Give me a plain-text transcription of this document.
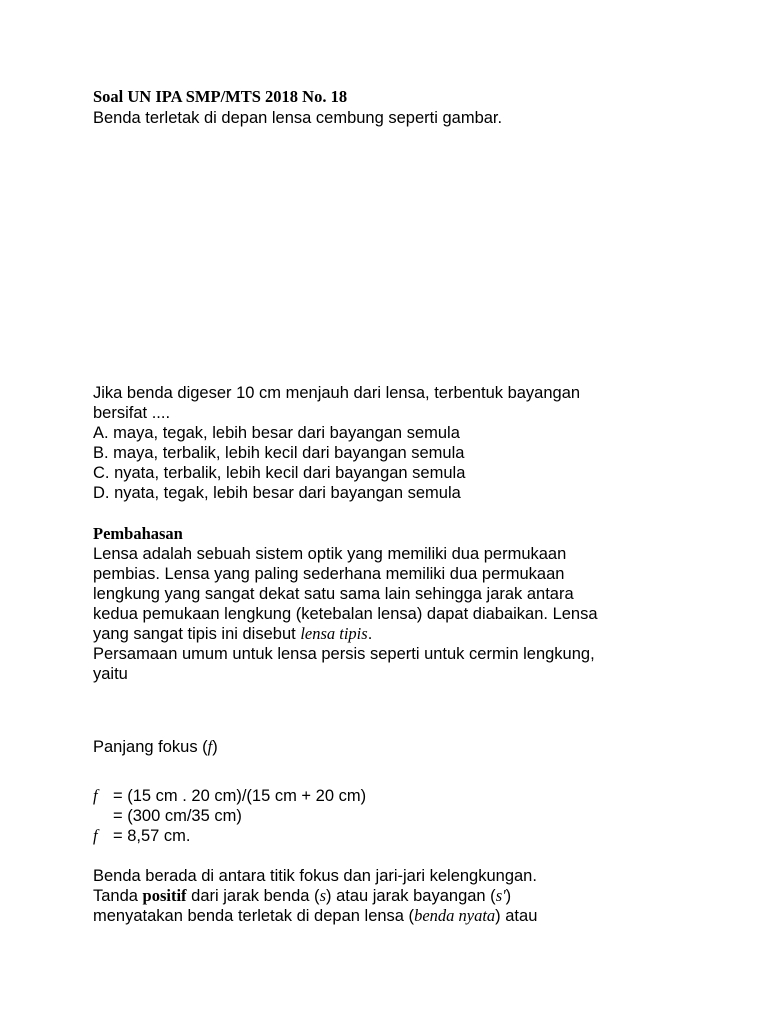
Soal UN IPA SMP/MTS 2018 No. 18
Benda terletak di depan lensa cembung seperti gambar.
Jika benda digeser 10 cm menjauh dari lensa, terbentuk bayangan
bersifat ....
A. maya, tegak, lebih besar dari bayangan semula
B. maya, terbalik, lebih kecil dari bayangan semula
C. nyata, terbalik, lebih kecil dari bayangan semula
D. nyata, tegak, lebih besar dari bayangan semula
Pembahasan
Lensa adalah sebuah sistem optik yang memiliki dua permukaan
pembias. Lensa yang paling sederhana memiliki dua permukaan
lengkung yang sangat dekat satu sama lain sehingga jarak antara
kedua pemukaan lengkung (ketebalan lensa) dapat diabaikan. Lensa
yang sangat tipis ini disebut lensa tipis.
Persamaan umum untuk lensa persis seperti untuk cermin lengkung,
yaitu
Panjang fokus (f)
f = (15 cm . 20 cm)/(15 cm + 20 cm)
= (300 cm/35 cm)
f = 8,57 cm.
Benda berada di antara titik fokus dan jari-jari kelengkungan.
Tanda positif dari jarak benda (s) atau jarak bayangan (s')
menyatakan benda terletak di depan lensa (benda nyata) atau
